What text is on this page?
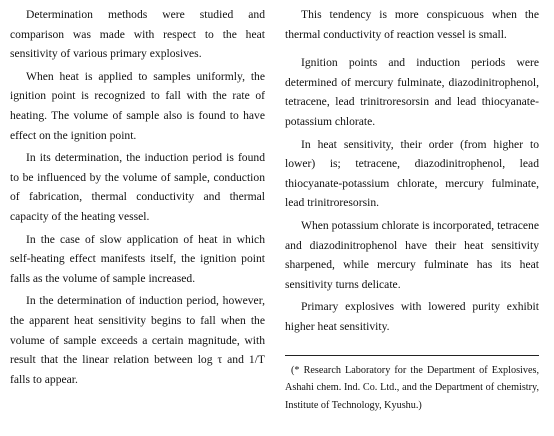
Determination methods were studied and comparison was made with respect to the heat sensitivity of various primary explosives.

When heat is applied to samples uniformly, the ignition point is recognized to fall with the rate of heating. The volume of sample also is found to have effect on the ignition point.

In its determination, the induction period is found to be influenced by the volume of sample, conduction of fabrication, thermal conductivity and thermal capacity of the heating vessel.

In the case of slow application of heat in which self-heating effect manifests itself, the ignition point falls as the volume of sample increased.

In the determination of induction period, however, the apparent heat sensitivity begins to fall when the volume of sample exceeds a certain magnitude, with result that the linear relation between log τ and 1/T falls to appear.

This tendency is more conspicuous when the thermal conductivity of reaction vessel is small.

Ignition points and induction periods were determined of mercury fulminate, diazodinitrophenol, tetracene, lead trinitroresorsin and lead thiocyanate-potassium chlorate.

In heat sensitivity, their order (from higher to lower) is; tetracene, diazodinitrophenol, lead thiocyanate-potassium chlorate, mercury fulminate, lead trinitroresorsin.

When potassium chlorate is incorporated, tetracene and diazodinitrophenol have their heat sensitivity sharpened, while mercury fulminate has its heat sensitivity turns delicate.

Primary explosives with lowered purity exhibit higher heat sensitivity.

(* Research Laboratory for the Department of Explosives, Ashahi chem. Ind. Co. Ltd., and the Department of chemistry, Institute of Technology, Kyushu.)
